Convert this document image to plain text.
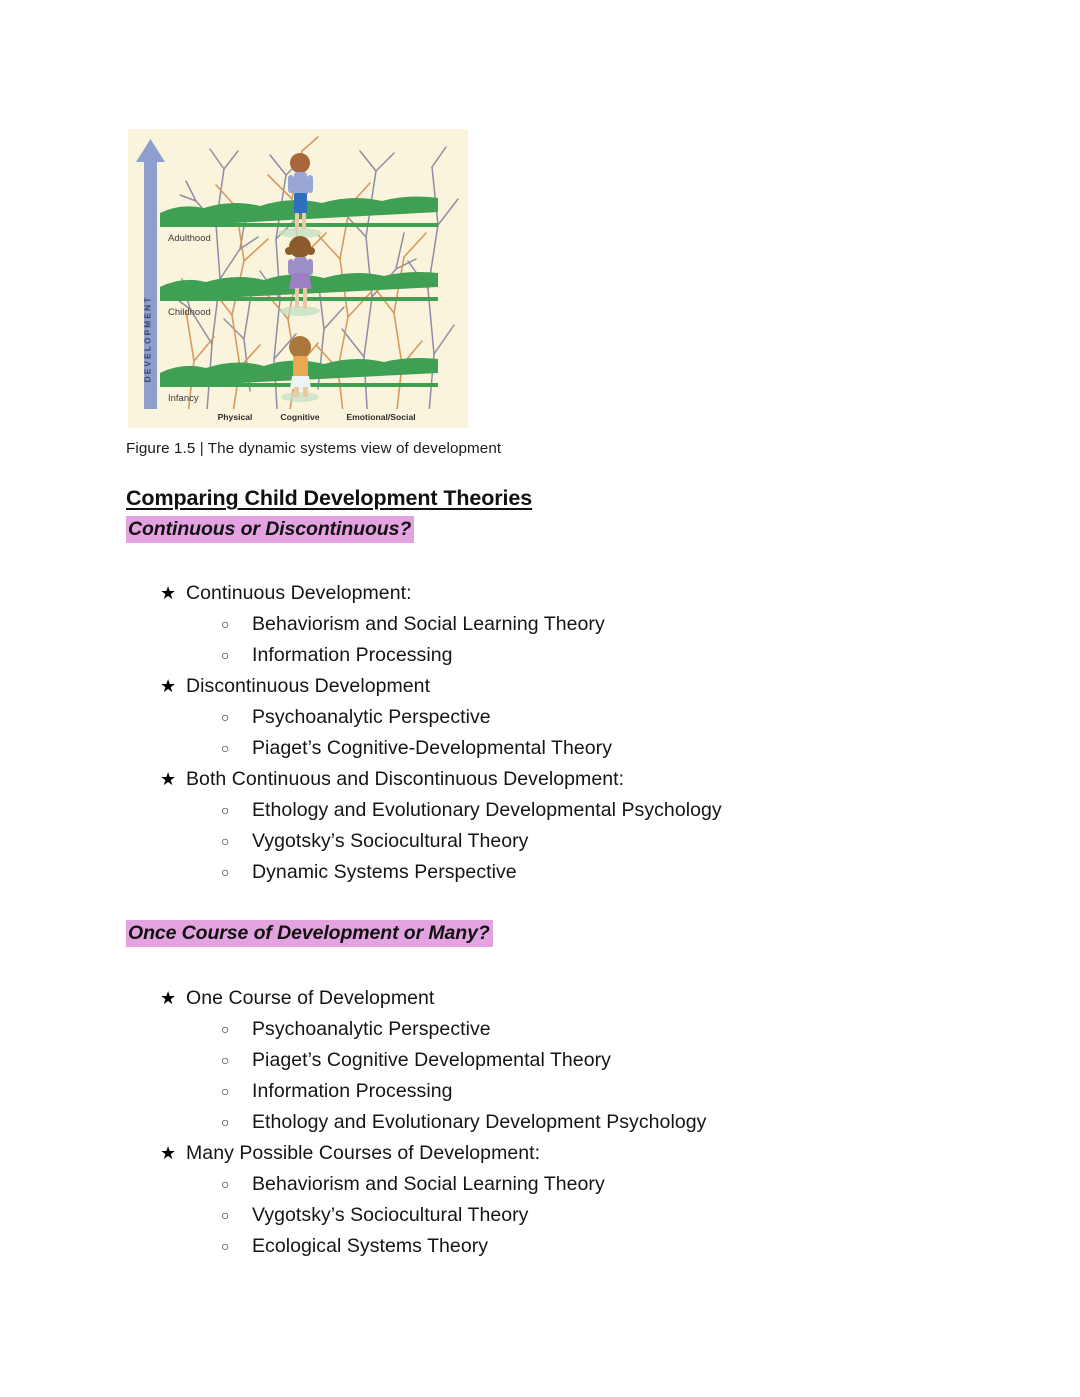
DEVELOPMENT
Adulthood
Childhood
Infancy
Physical	Cognitive	Emotional/Social
Figure 1.5 | The dynamic systems view of development
Comparing Child Development Theories
Continuous or Discontinuous?
Once Course of Development or Many?
★ Continuous Development:
○	Behaviorism and Social Learning Theory
○	Information Processing
★ Discontinuous Development
○	Psychoanalytic Perspective
○	Piaget’s Cognitive-Developmental Theory
★ Both Continuous and Discontinuous Development:
○	Ethology and Evolutionary Developmental Psychology
○	Vygotsky’s Sociocultural Theory
○	Dynamic Systems Perspective
★ One Course of Development
○	Psychoanalytic Perspective
○	Piaget’s Cognitive Developmental Theory
○	Information Processing
○	Ethology and Evolutionary Development Psychology
★ Many Possible Courses of Development:
○	Behaviorism and Social Learning Theory
○	Vygotsky’s Sociocultural Theory
○	Ecological Systems Theory
